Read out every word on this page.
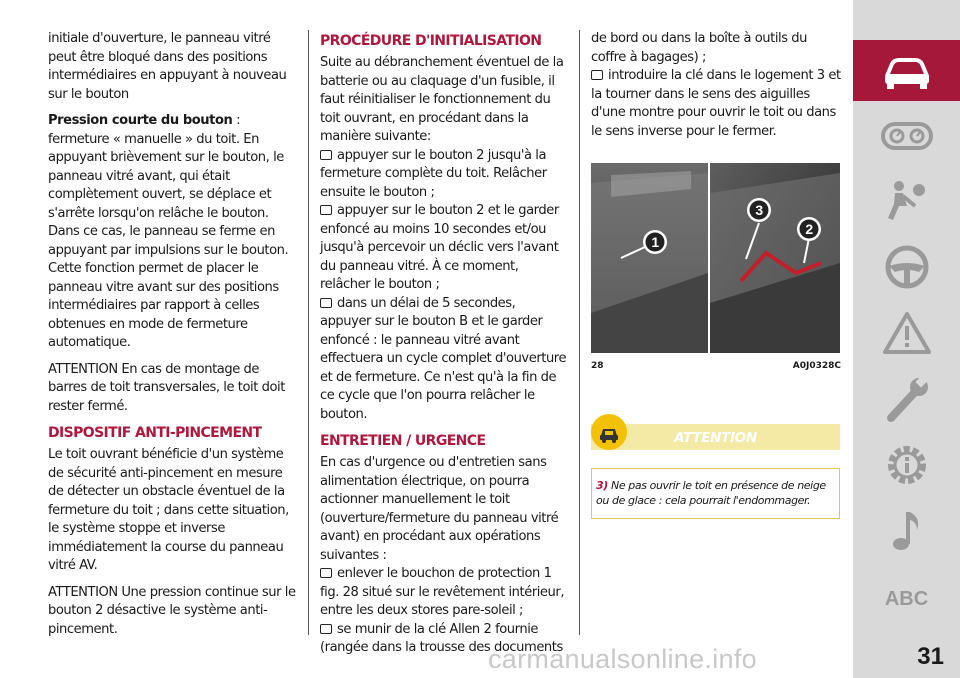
initiale d'ouverture, le panneau vitré peut être bloqué dans des positions intermédiaires en appuyant à nouveau sur le bouton

Pression courte du bouton : fermeture « manuelle » du toit. En appuyant brièvement sur le bouton, le panneau vitré avant, qui était complètement ouvert, se déplace et s'arrête lorsqu'on relâche le bouton. Dans ce cas, le panneau se ferme en appuyant par impulsions sur le bouton. Cette fonction permet de placer le panneau vitre avant sur des positions intermédiaires par rapport à celles obtenues en mode de fermeture automatique.

ATTENTION En cas de montage de barres de toit transversales, le toit doit rester fermé.

DISPOSITIF ANTI-PINCEMENT

Le toit ouvrant bénéficie d'un système de sécurité anti-pincement en mesure de détecter un obstacle éventuel de la fermeture du toit ; dans cette situation, le système stoppe et inverse immédiatement la course du panneau vitré AV.

ATTENTION Une pression continue sur le bouton 2 désactive le système anti-pincement.

PROCÉDURE D'INITIALISATION

Suite au débranchement éventuel de la batterie ou au claquage d'un fusible, il faut réinitialiser le fonctionnement du toit ouvrant, en procédant dans la manière suivante:

appuyer sur le bouton 2 jusqu'à la fermeture complète du toit. Relâcher ensuite le bouton ;

appuyer sur le bouton 2 et le garder enfoncé au moins 10 secondes et/ou jusqu'à percevoir un déclic vers l'avant du panneau vitré. À ce moment, relâcher le bouton ;

dans un délai de 5 secondes, appuyer sur le bouton B et le garder enfoncé : le panneau vitré avant effectuera un cycle complet d'ouverture et de fermeture. Ce n'est qu'à la fin de ce cycle que l'on pourra relâcher le bouton.

ENTRETIEN / URGENCE

En cas d'urgence ou d'entretien sans alimentation électrique, on pourra actionner manuellement le toit (ouverture/fermeture du panneau vitré avant) en procédant aux opérations suivantes :

enlever le bouchon de protection 1 fig. 28 situé sur le revêtement intérieur, entre les deux stores pare-soleil ;

se munir de la clé Allen 2 fournie (rangée dans la trousse des documents

de bord ou dans la boîte à outils du coffre à bagages) ;

introduire la clé dans le logement 3 et la tourner dans le sens des aiguilles d'une montre pour ouvrir le toit ou dans le sens inverse pour le fermer.

1
3
2
28	A0J0328C
ATTENTION
3) Ne pas ouvrir le toit en présence de neige ou de glace : cela pourrait l'endommager.
ABC
carmanualsonline.info	31
